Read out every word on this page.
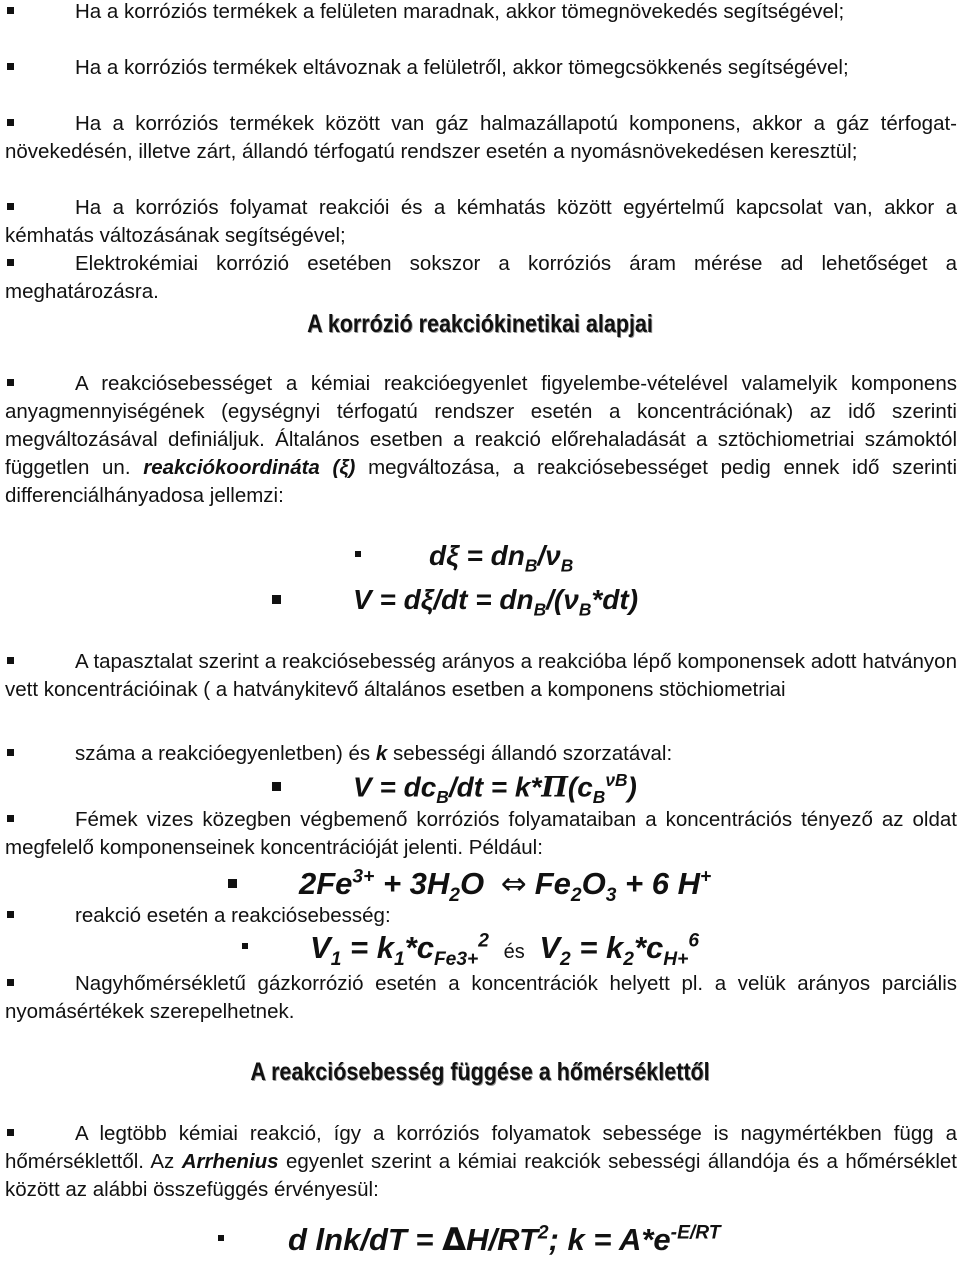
Ha a korróziós termékek a felületen maradnak, akkor tömegnövekedés segítségével;
Ha a korróziós termékek eltávoznak a felületről, akkor tömegcsökkenés segítségével;
Ha a korróziós termékek között van gáz halmazállapotú komponens, akkor a gáz térfogat-növekedésén, illetve zárt, állandó térfogatú rendszer esetén a nyomásnövekedésen keresztül;
Ha a korróziós folyamat reakciói és a kémhatás között egyértelmű kapcsolat van, akkor a kémhatás változásának segítségével;
Elektrokémiai korrózió esetében sokszor a korróziós áram mérése ad lehetőséget a meghatározásra.
A korrózió reakciókinetikai alapjai
A reakciósebességet a kémiai reakcióegyenlet figyelembe-vételével valamelyik komponens anyagmennyiségének (egységnyi térfogatú rendszer esetén a koncentrációnak) az idő szerinti megváltozásával definiáljuk. Általános esetben a reakció előrehaladását a sztöchiometriai számoktól független un. reakciókoordináta (ξ) megváltozása, a reakciósebességet pedig ennek idő szerinti differenciálhányadosa jellemzi:
$d\xi = dn_B/\nu_B$
$V = d\xi/dt = dn_B/(\nu_B*dt)$
A tapasztalat szerint a reakciósebesség arányos a reakcióba lépő komponensek adott hatványon vett koncentrációinak ( a hatványkitevő általános esetben a komponens stöchiometriai
száma a reakcióegyenletben) és k sebességi állandó szorzatával:
$V = dc_B/dt = k*\Pi(c_B^{\nu B})$
Fémek vizes közegben végbemenő korróziós folyamataiban a koncentrációs tényező az oldat megfelelő komponenseinek koncentrációját jelenti. Például:
$2Fe^{3+} + 3H_2O$ ⇔ $Fe_2O_3 + 6$ H+
reakció esetén a reakciósebesség:
$V_1 = k_1*c_{Fe3+}^2$ és $V_2 = k_2*c_{H+}^6$
Nagyhőmérsékletű gázkorrózió esetén a koncentrációk helyett pl. a velük arányos parciális nyomásértékek szerepelhetnek.
A reakciósebesség függése a hőmérséklettől
A legtöbb kémiai reakció, így a korróziós folyamatok sebessége is nagymértékben függ a hőmérséklettől. Az Arrhenius egyenlet szerint a kémiai reakciók sebességi állandója és a hőmérséklet között az alábbi összefüggés érvényesül:
d $\ln k/dT = \Delta H/RT^2$; $k = A*e^{-E/RT}$
